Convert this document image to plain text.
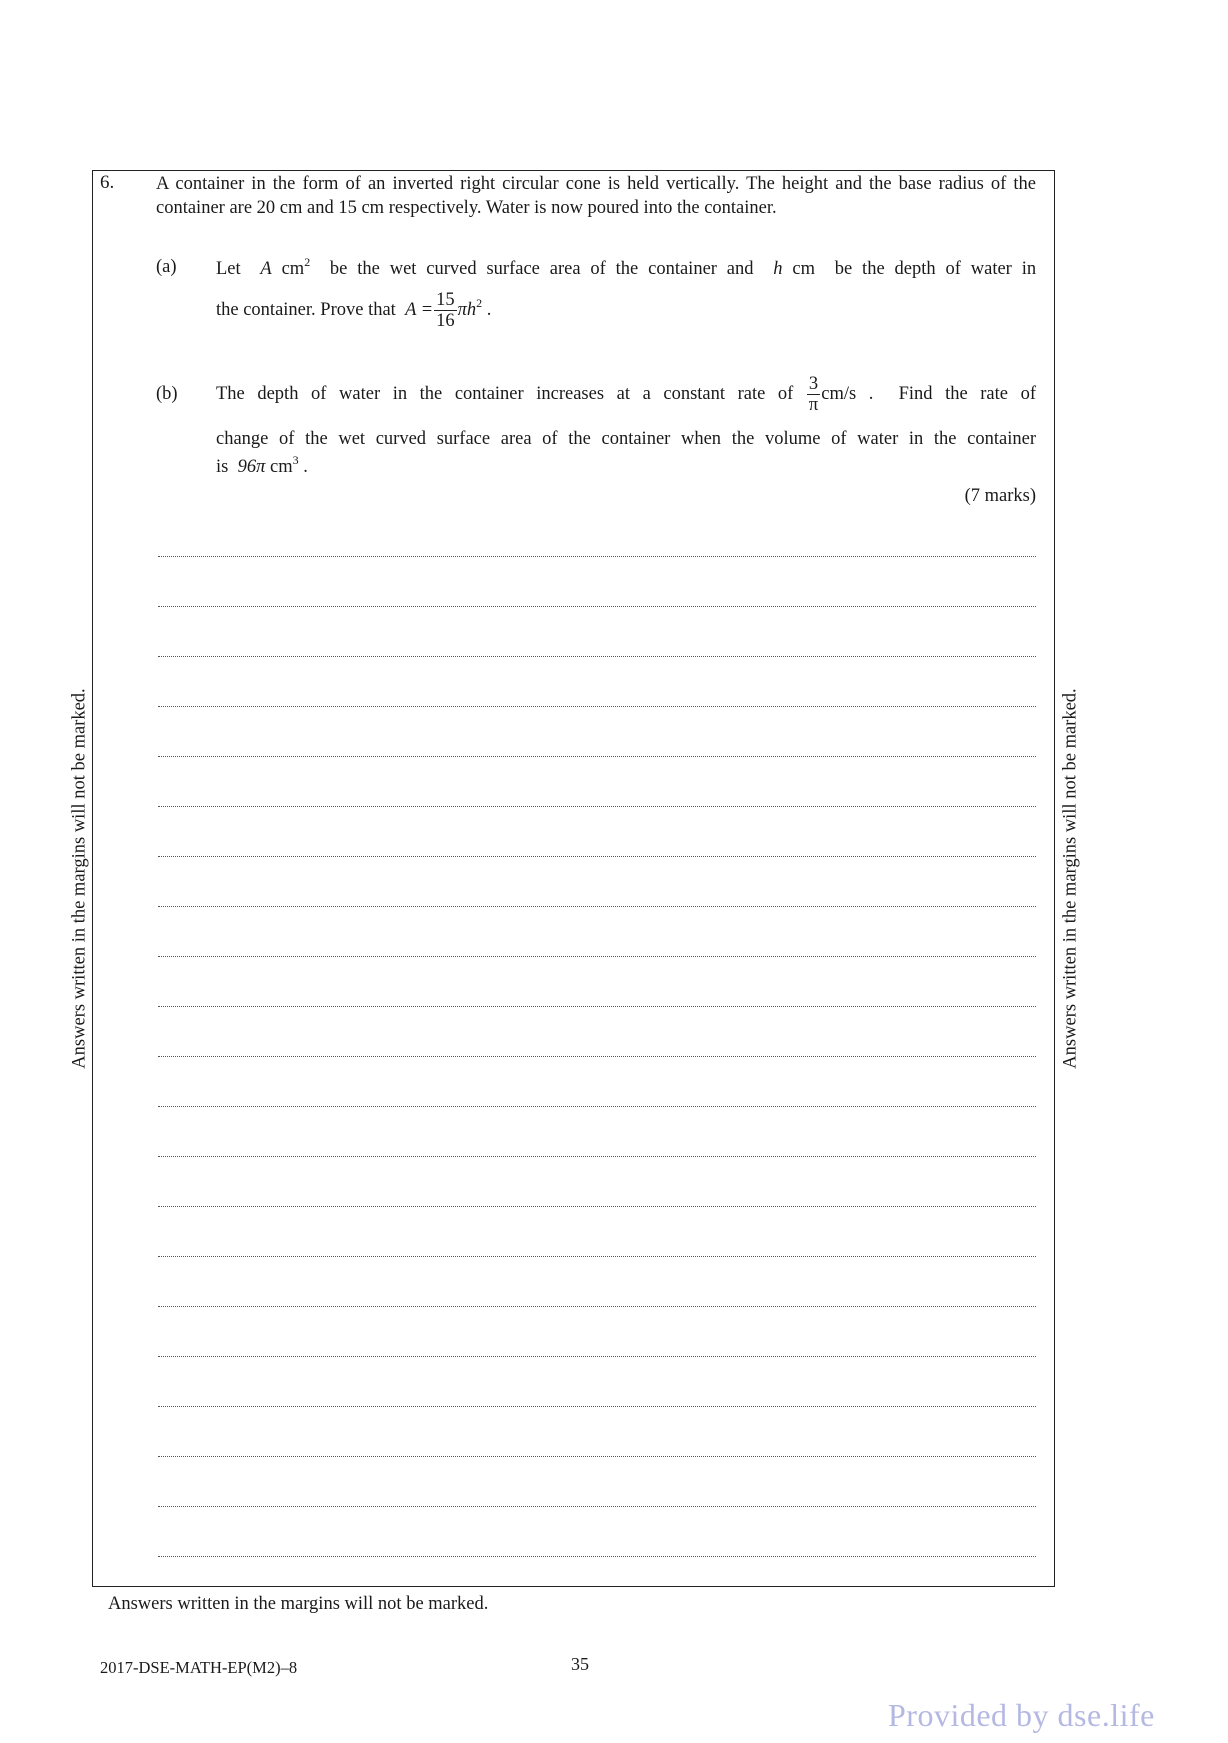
6. A container in the form of an inverted right circular cone is held vertically. The height and the base radius of the container are 20 cm and 15 cm respectively. Water is now poured into the container.
(a) Let A $cm^2$ be the wet curved surface area of the container and h cm be the depth of water in
the container. Prove that $A = \frac{15}{16} \pi h^2$ .
(b) The depth of water in the container increases at a constant rate of $\frac{3}{\pi} cm/s$ . Find the rate of
change of the wet curved surface area of the container when the volume of water in the container
is 96π $cm^3$ .
(7 marks)
Answers written in the margins will not be marked.	Answers written in the margins will not be marked.
Answers written in the margins will not be marked.
2017-DSE-MATH-EP(M2)–8	35
Provided by dse.life
